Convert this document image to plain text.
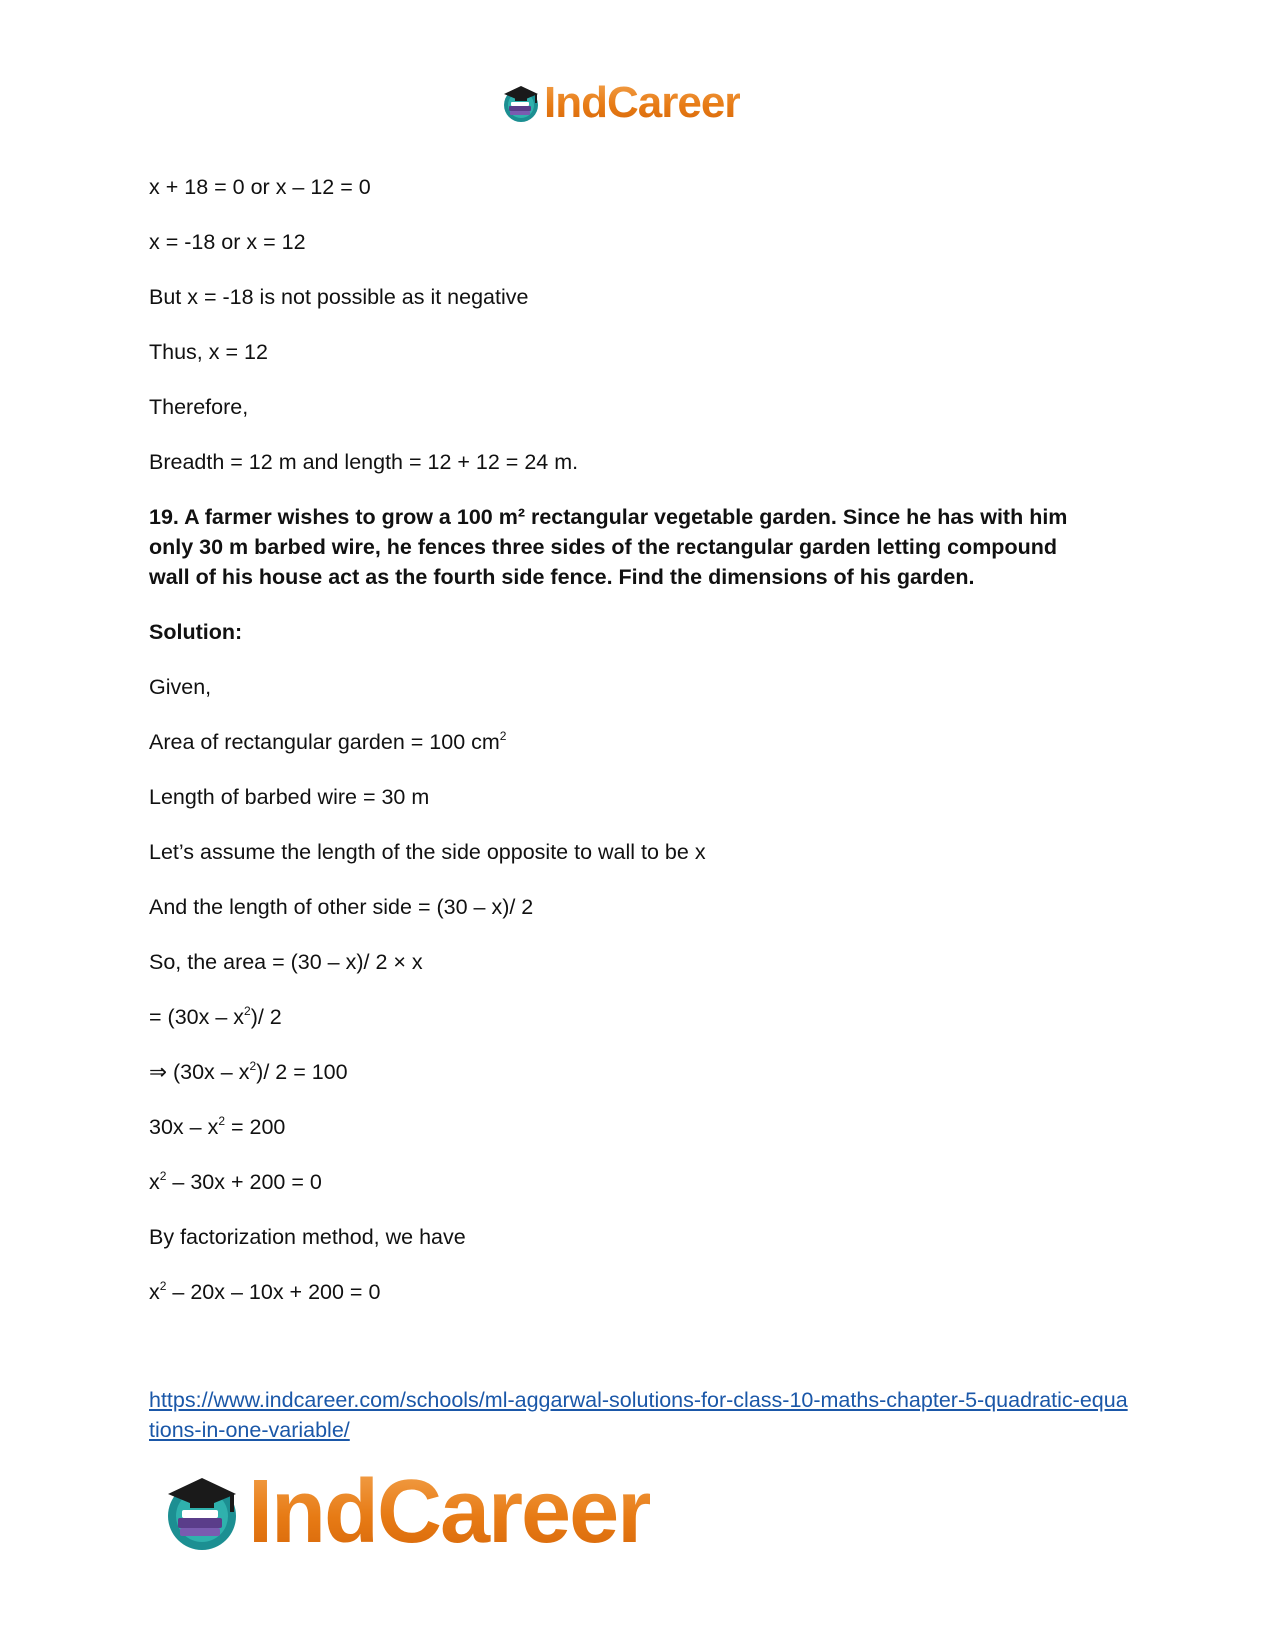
IndCareer

x + 18 = 0 or x – 12 = 0

x = -18 or x = 12

But x = -18 is not possible as it negative

Thus, x = 12

Therefore,

Breadth = 12 m and length = 12 + 12 = 24 m.

19. A farmer wishes to grow a 100 m² rectangular vegetable garden. Since he has with him only 30 m barbed wire, he fences three sides of the rectangular garden letting compound wall of his house act as the fourth side fence. Find the dimensions of his garden.

Solution:

Given,

Area of rectangular garden = 100 $cm^2$

Length of barbed wire = 30 m

Let’s assume the length of the side opposite to wall to be x

And the length of other side = (30 – x)/ 2

So, the area = (30 – x)/ 2 × x

= $(30x - x^2)/$ 2

⇒ $(30x - x^2)/$ 2 = 100

$30x - x^2 = 200$

$x^2 - 30x + 200 = 0$

By factorization method, we have

$x^2 - 20x - 10x + 200 = 0$

https://www.indcareer.com/schools/ml-aggarwal-solutions-for-class-10-maths-chapter-5-quadratic-equations-in-one-variable/
IndCareer
